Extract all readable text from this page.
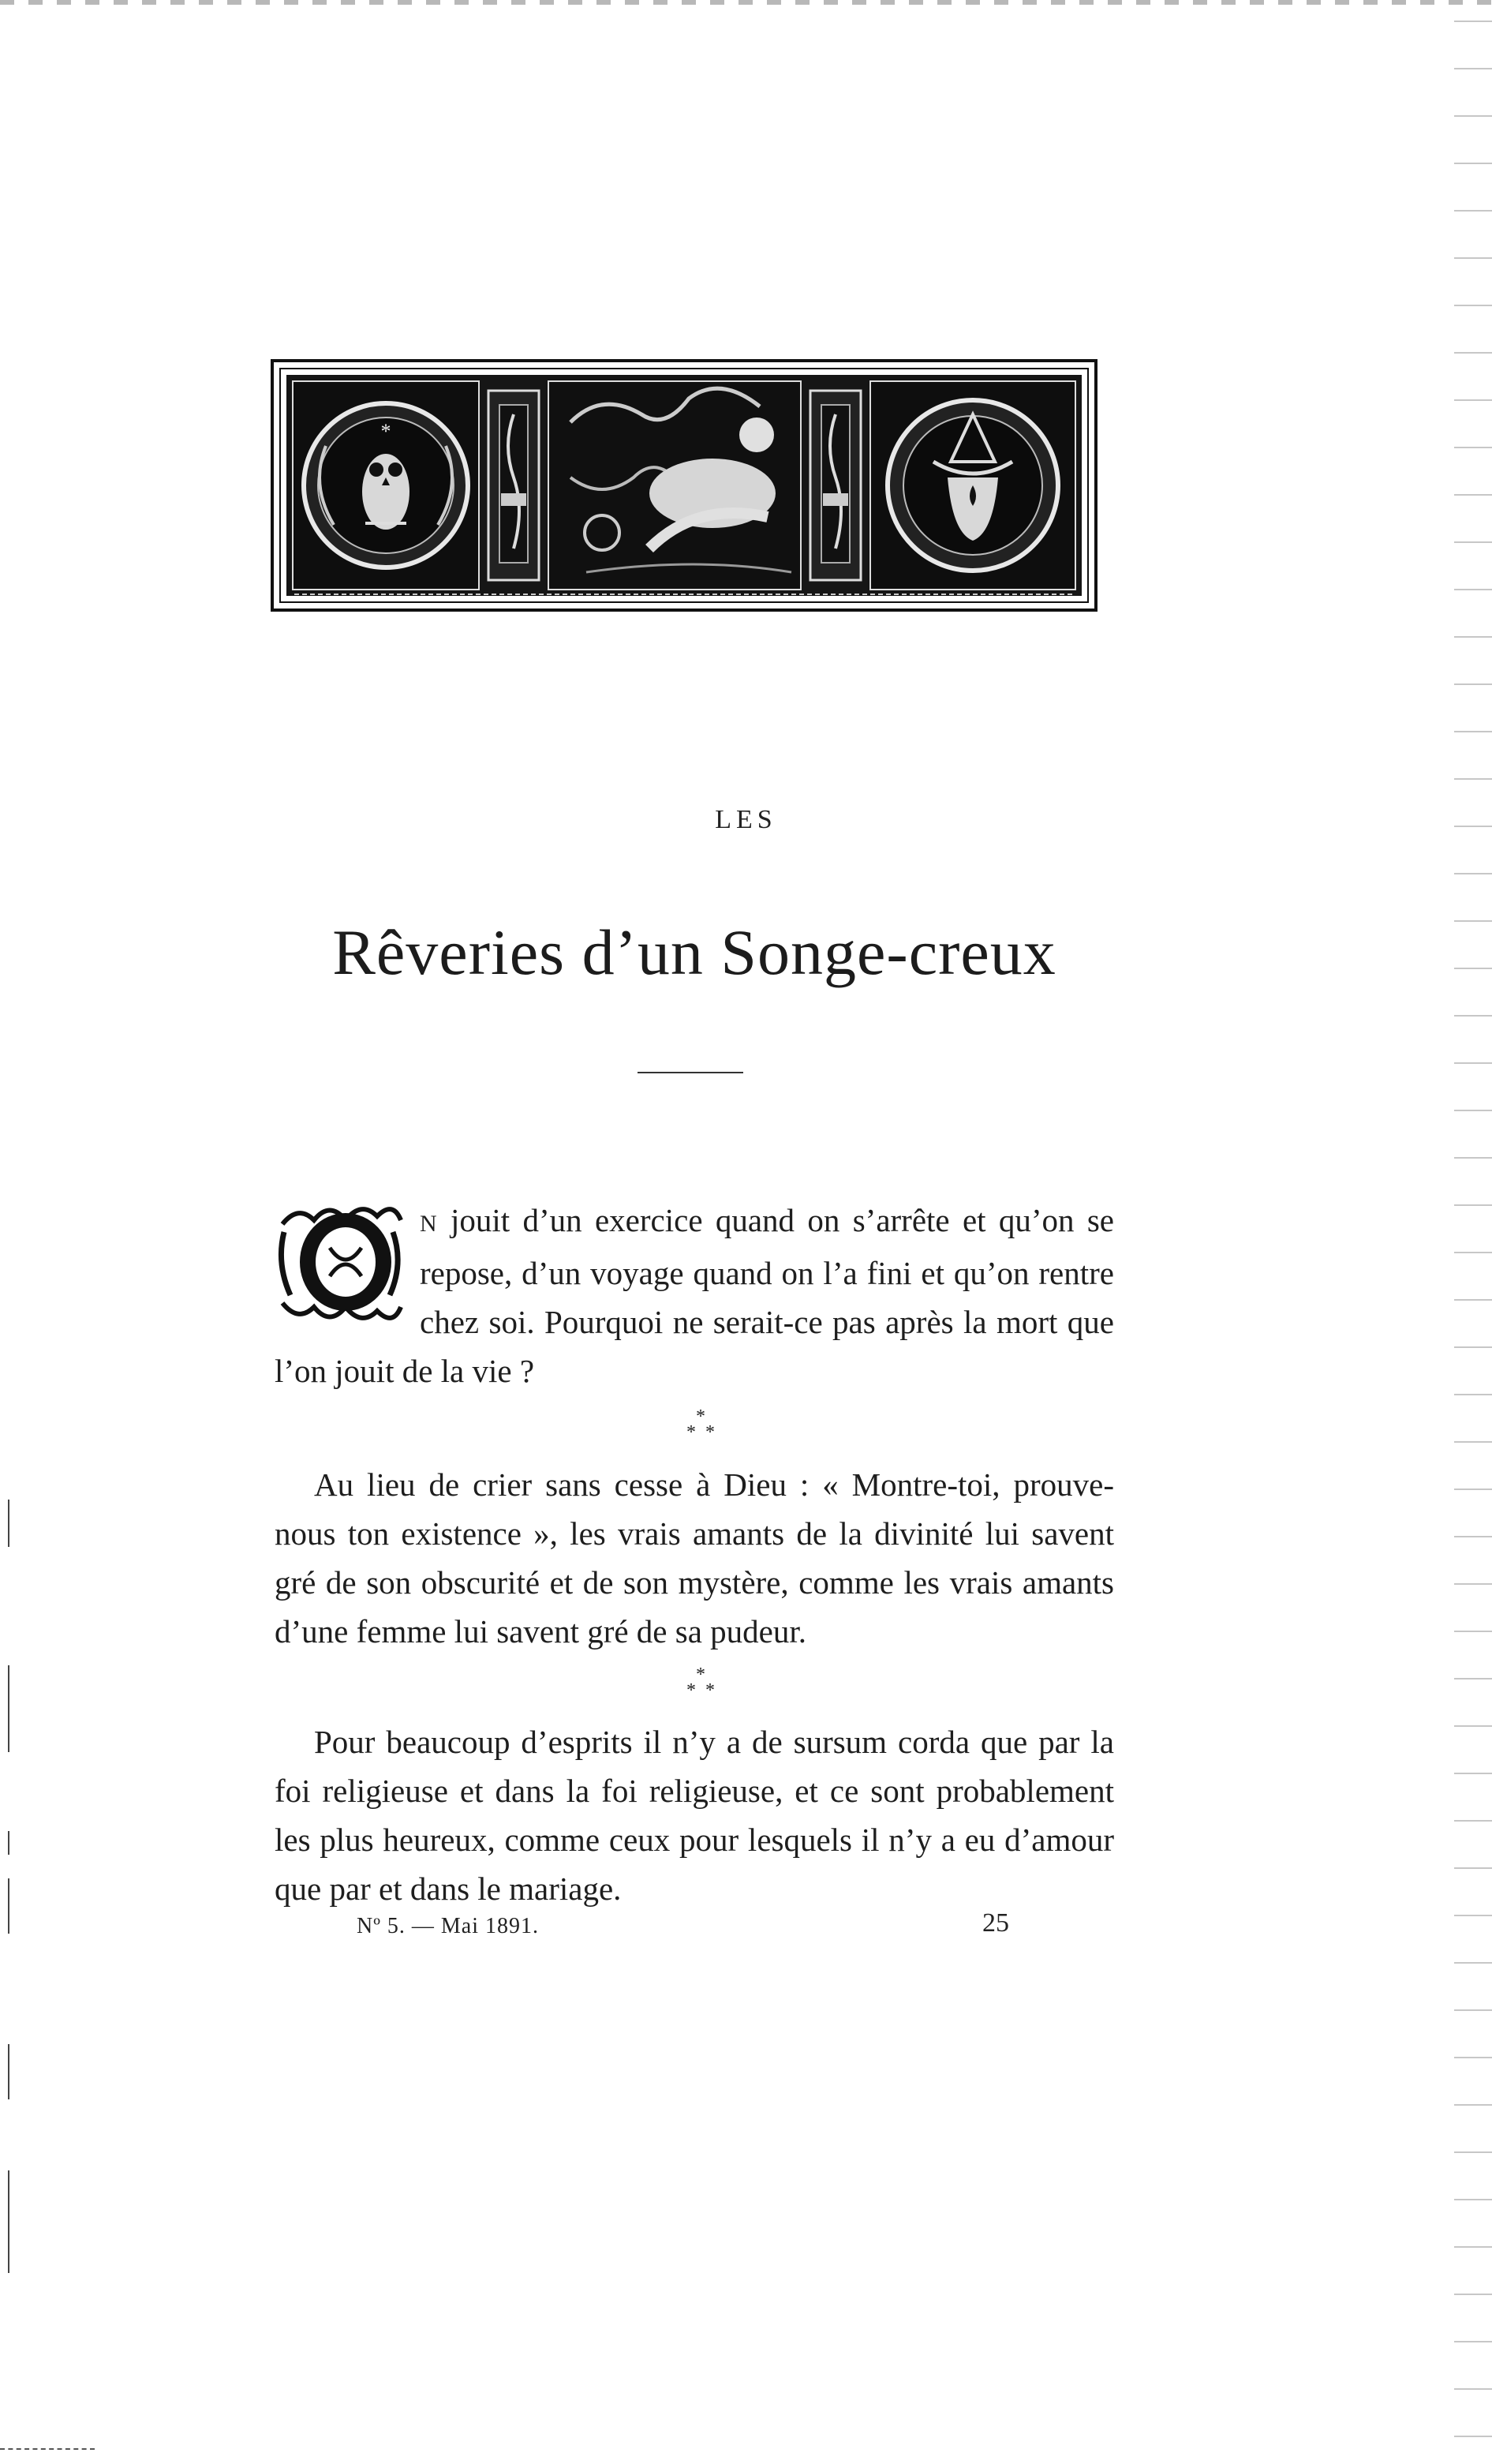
*
LES
Rêveries d’un Songe-creux

N jouit d’un exercice quand on s’arrête et qu’on se repose, d’un voyage quand on l’a fini et qu’on rentre chez soi. Pourquoi ne serait-ce pas après la mort que l’on jouit de la vie ?

*
**

Au lieu de crier sans cesse à Dieu : « Montre-toi, prouve-nous ton existence », les vrais amants de la divinité lui savent gré de son obscurité et de son mystère, comme les vrais amants d’une femme lui savent gré de sa pudeur.

*
**

Pour beaucoup d’esprits il n’y a de sursum corda que par la foi religieuse et dans la foi religieuse, et ce sont probablement les plus heureux, comme ceux pour lesquels il n’y a eu d’amour que par et dans le mariage.

Nº 5. — Mai 1891.	25
